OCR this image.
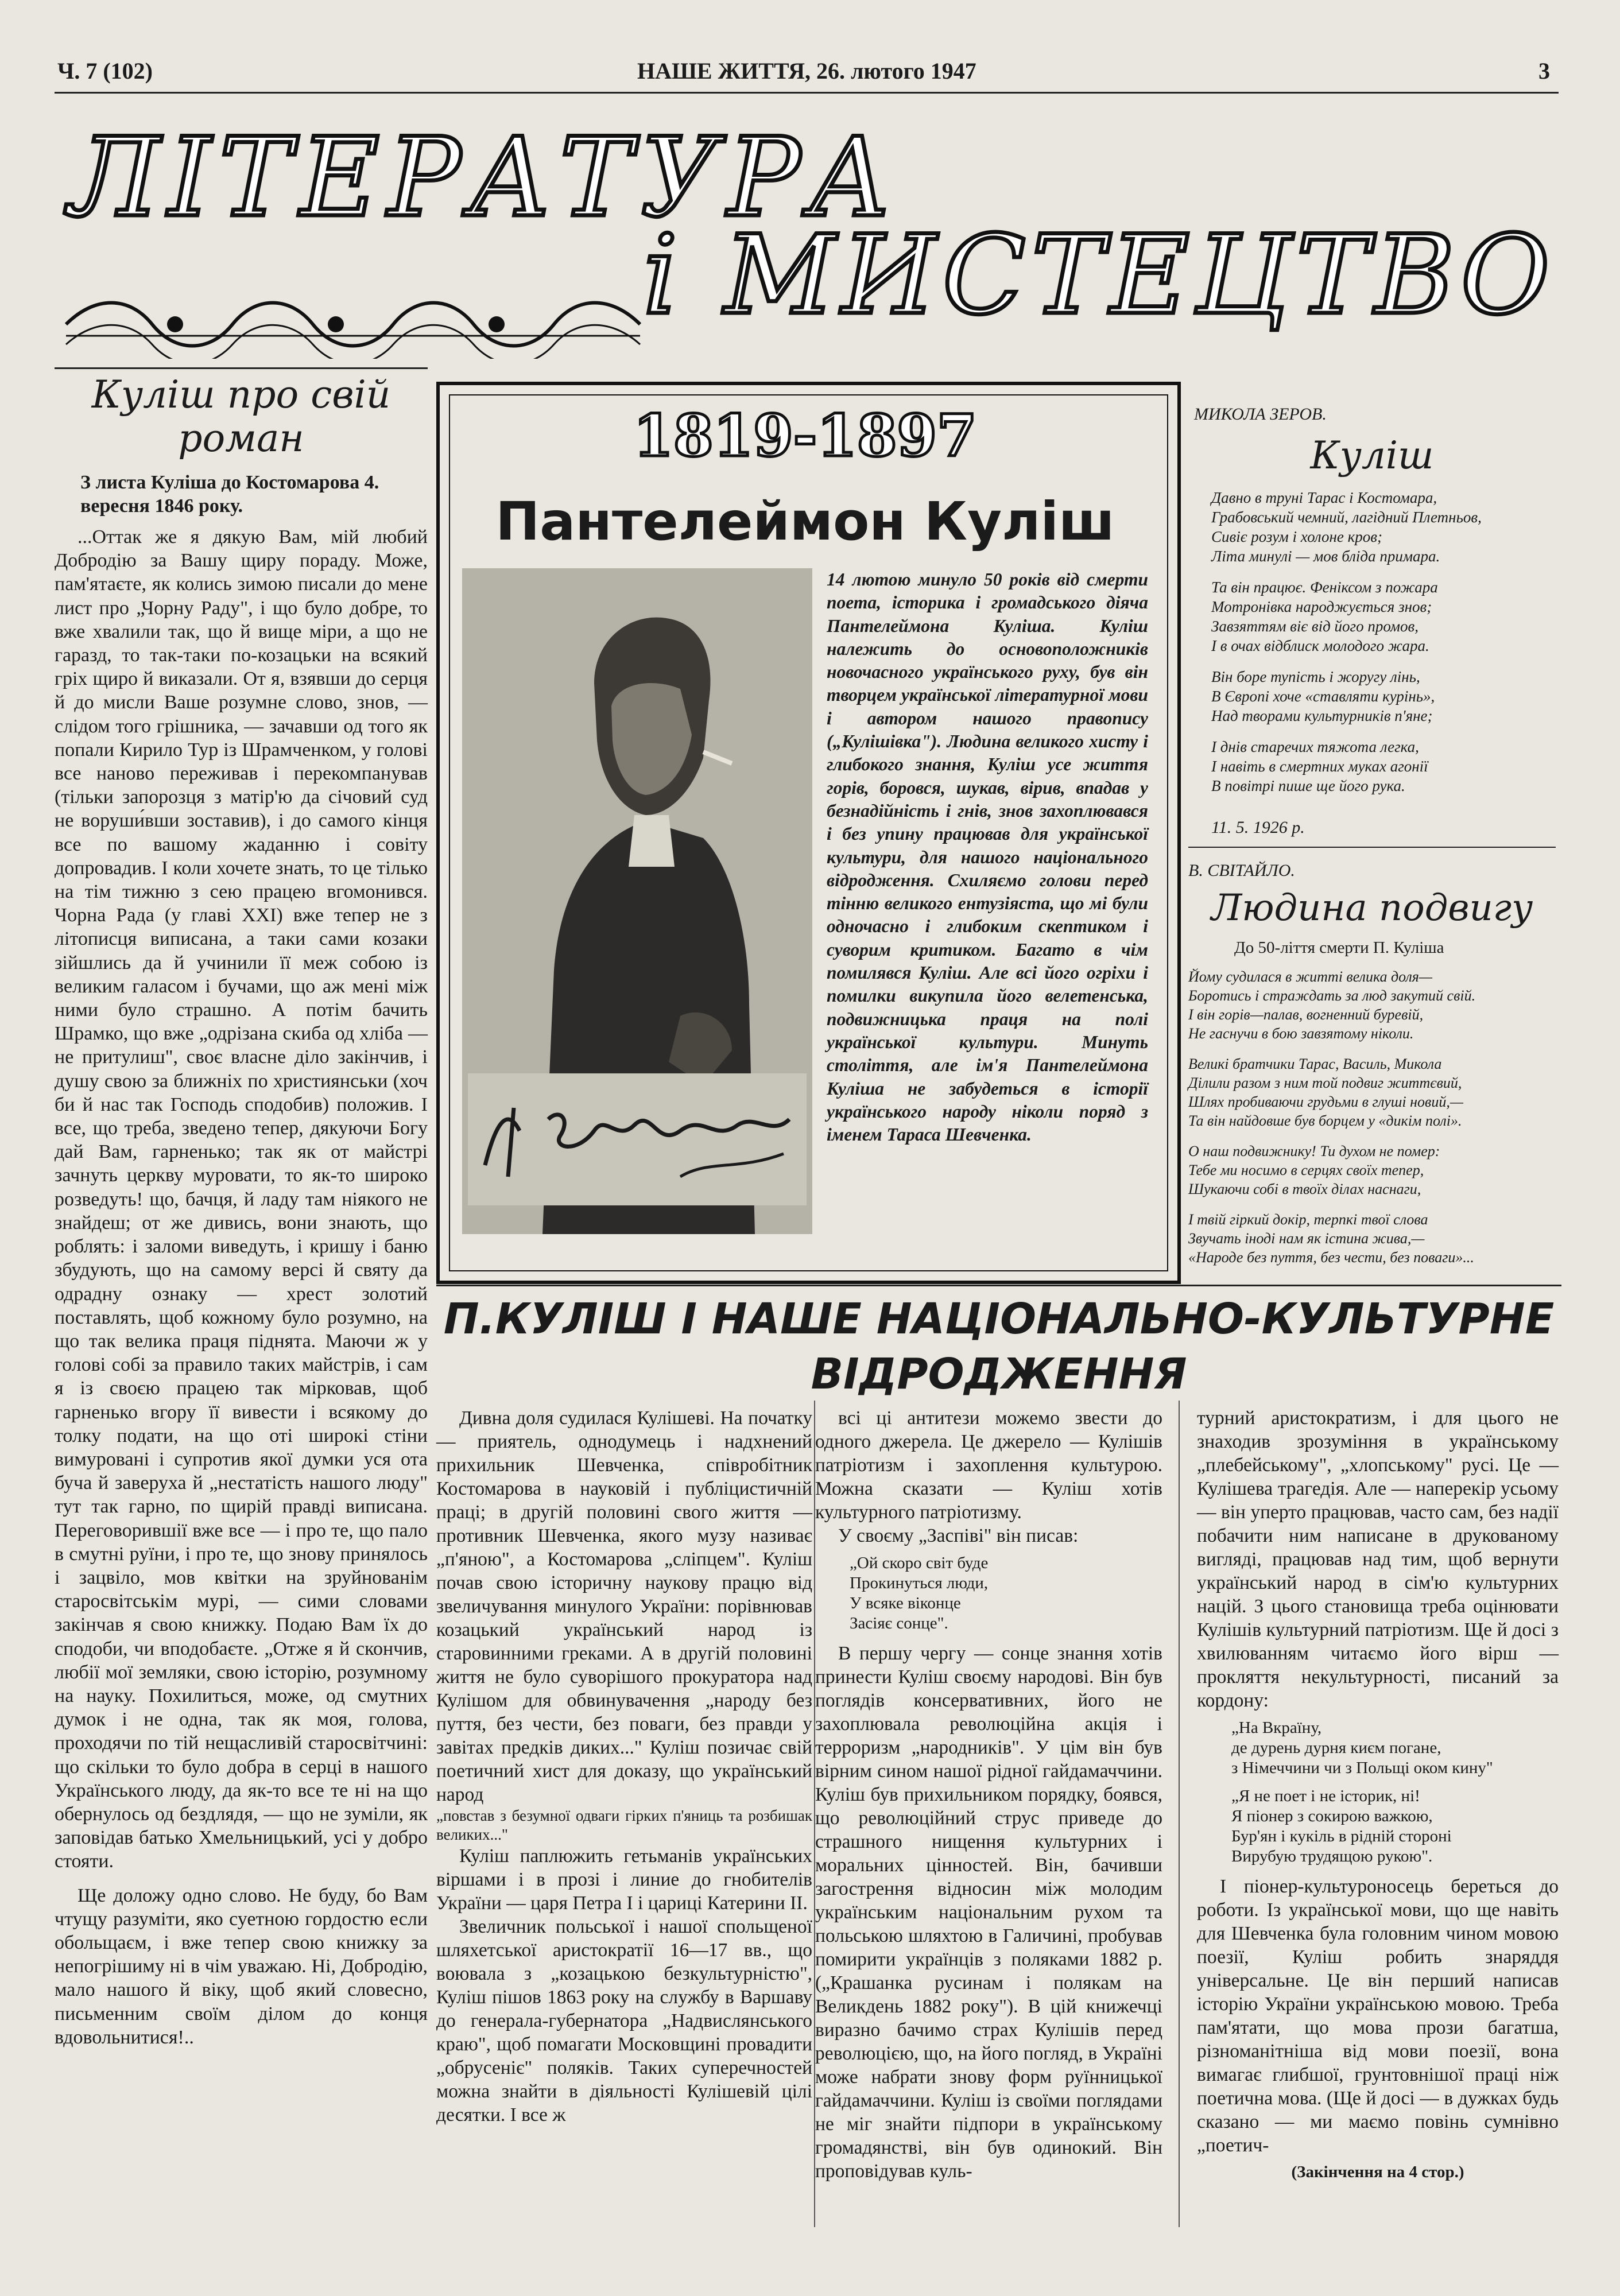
Ч. 7 (102)	НАШЕ ЖИТТЯ, 26. лютого 1947	3
ЛІТЕРАТУРА
і МИСТЕЦТВО
Куліш про свій роман
З листа Куліша до Костомарова 4. вересня 1846 року.

...Оттак же я дякую Вам, мій любий Добродію за Вашу щиру пораду. Може, пам'ятаєте, як колись зимою писали до мене лист про „Чорну Раду", і що було добре, то вже хвалили так, що й вище міри, а що не гаразд, то так-таки по-козацьки на всякий гріх щиро й виказали. От я, взявши до серця й до мисли Ваше розумне слово, знов, — слідом того грішника, — зачавши од того як попали Кирило Тур із Шрамченком, у голові все наново переживав і перекомпанував (тільки запорозця з матір'ю да січовий суд не воруши́вши зоставив), і до самого кінця все по вашому жаданню і совіту допровадив. І коли хочете знать, то це тілько на тім тижню з сею працею вгомонився. Чорна Рада (у главі XXI) вже тепер не з літописця виписана, а таки сами козаки зійшлись да й учинили її меж собою із великим галасом і бучами, що аж мені між ними було страшно. А потім бачить Шрамко, що вже „одрізана скиба од хліба — не притулиш", своє власне діло закінчив, і душу свою за ближніх по християнськи (хоч би й нас так Господь сподобив) положив. І все, що треба, зведено тепер, дякуючи Богу дай Вам, гарненько; так як от майстрі зачнуть церкву муровати, то як-то широко розведуть! що, бачця, й ладу там ніякого не знайдеш; от же дивись, вони знають, що роблять: і заломи виведуть, і кришу і баню збудують, що на самому версі й святу да одрадну ознаку — хрест золотий поставлять, щоб кожному було розумно, на що так велика праця піднята. Маючи ж у голові собі за правило таких майстрів, і сам я із своєю працею так мірковав, щоб гарненько вгору її вивести і всякому до толку подати, на що оті широкі стіни вимуровані і супротив якої думки уся ота буча й заверуха й „нестатість нашого люду" тут так гарно, по щирій правді виписана. Переговорившії вже все — і про те, що пало в смутні руїни, і про те, що знову принялось і зацвіло, мов квітки на зруйнованім старосвітськім мурі, — сими словами закінчав я свою книжку. Подаю Вам їх до сподоби, чи вподобаєте. „Отже я й скончив, любії мої земляки, свою історію, розумному на науку. Похилиться, може, од смутних думок і не одна, так як моя, голова, проходячи по тій нещасливій старосвітчині: що скільки то було добра в серці в нашого Українського люду, да як-то все те ні на що обернулось од бездлядя, — що не зуміли, як заповідав батько Хмельницький, усі у добро стояти.

Ще доложу одно слово. Не буду, бо Вам чтущу разуміти, яко суетною гордостю если обольщаєм, і вже тепер свою книжку за непогрішиму ні в чім уважаю. Ні, Добродію, мало нашого й віку, щоб який словесно, письменним своїм ділом до конця вдовольнитися!..

1819-1897
Пантелеймон Куліш
14 лютою минуло 50 років від смерти поета, історика і громадського діяча Пантелеймона Куліша. Куліш належить до основоположників новочасного українського руху, був він творцем української літературної мови і автором нашого правопису („Кулішівка"). Людина великого хисту і глибокого знання, Куліш усе життя горів, боровся, шукав, вірив, впадав у безнадійність і гнів, знов захоплювався і без упину працював для української культури, для нашого національного відродження. Схиляємо голови перед тінню великого ентузіяста, що мі були одночасно і глибоким скептиком і суворим критиком. Багато в чім помилявся Куліш. Але всі його огріхи і помилки викупила його велетенська, подвижницька праця на полі української культури. Минуть століття, але ім'я Пантелеймона Куліша не забудеться в історії українського народу ніколи поряд з іменем Тараса Шевченка.
МИКОЛА ЗЕРОВ.
Куліш
Давно в труні Тарас і Костомара,
Грабовський чемний, лагідний Плетньов,
Сивіє розум і холоне кров;
Літа минулі — мов бліда примара.
Та він працює. Феніксом з пожара
Мотронівка народжується знов;
Завзяттям віє від його промов,
І в очах відблиск молодого жара.
Він боре тупість і жоругу лінь,
В Європі хоче «ставляти курінь»,
Над творами культурників п'яне;
І днів старечих тяжота легка,
І навіть в смертних муках агонії
В повітрі пише ще його рука.
11. 5. 1926 р.
В. СВІТАЙЛО.
Людина подвигу
До 50-ліття смерти П. Куліша
Йому судилася в житті велика доля—
Боротись і страждать за люд закутий свій.
І він горів—палав, вогненний буревій,
Не гаснучи в бою завзятому ніколи.
Великі братчики Тарас, Василь, Микола
Ділили разом з ним той подвиг життєвий,
Шлях пробиваючи грудьми в глуші новий,—
Та він найдовше був борцем у «дикім полі».
О наш подвижнику! Ти духом не помер:
Тебе ми носимо в серцях своїх тепер,
Шукаючи собі в твоїх ділах наснаги,
І твій гіркий докір, терпкі твої слова
Звучать іноді нам як істина жива,—
«Народе без пуття, без чести, без поваги»...
П.КУЛІШ І НАШЕ НАЦІОНАЛЬНО-КУЛЬТУРНЕ ВІДРОДЖЕННЯ

Дивна доля судилася Кулішеві. На початку — приятель, однодумець і надхнений прихильник Шевченка, співробітник Костомарова в науковій і публіцистичній праці; в другій половині свого життя — противник Шевченка, якого музу називає „п'яною", а Костомарова „сліпцем". Куліш почав свою історичну наукову працю від звеличування минулого України: порівнював козацький український народ із старовинними греками. А в другій половині життя не було суворішого прокуратора над Кулішом для обвинувачення „народу без пуття, без чести, без поваги, без правди у завітах предків диких..." Куліш позичає свій поетичний хист для доказу, що український народ

„повстав з безумної одваги гірких п'яниць та розбишак великих..."

Куліш паплюжить гетьманів українських віршами і в прозі і линие до гнобителів України — царя Петра І і цариці Катерини II.

Звеличник польської і нашої спольщеної шляхетської аристократії 16—17 вв., що воювала з „козацькою безкультурністю", Куліш пішов 1863 року на службу в Варшаву до генерала-губернатора „Надвислянського краю", щоб помагати Московщині провадити „обрусеніє" поляків. Таких суперечностей можна знайти в діяльності Кулішевій цілі десятки. І все ж

всі ці антитези можемо звести до одного джерела. Це джерело — Кулішів патріотизм і захоплення культурою. Можна сказати — Куліш хотів культурного патріотизму.

У своєму „Заспіві" він писав:

„Ой скоро світ буде
Прокинуться люди,
У всяке віконце
Засіяє сонце".

В першу чергу — сонце знання хотів принести Куліш своєму народові. Він був поглядів консервативних, його не захоплювала революційна акція і терроризм „народників". У цім він був вірним сином нашої рідної гайдамаччини. Куліш був прихильником порядку, боявся, що революційний струс приведе до страшного нищення культурних і моральних цінностей. Він, бачивши загострення відносин між молодим українським національним рухом та польською шляхтою в Галичині, пробував помирити українців з поляками 1882 р. („Крашанка русинам і полякам на Великдень 1882 року"). В цій книжечці виразно бачимо страх Кулішів перед революцією, що, на його погляд, в Україні може набрати знову форм руїнницької гайдамаччини. Куліш із своїми поглядами не міг знайти підпори в українському громадянстві, він був одинокий. Він проповідував куль-

турний аристократизм, і для цього не знаходив зрозуміння в українському „плебейському", „хлопському" русі. Це — Кулішева трагедія. Але — наперекір усьому — він уперто працював, часто сам, без надії побачити ним написане в друкованому вигляді, працював над тим, щоб вернути український народ в сім'ю культурних націй. З цього становища треба оцінювати Кулішів культурний патріотизм. Ще й досі з хвилюванням читаємо його вірш — прокляття некультурності, писаний за кордону:

„На Вкраїну,
де дурень дурня києм погане,
з Німеччини чи з Польщі оком кину"
„Я не поет і не історик, ні!
Я піонер з сокирою важкою,
Бур'ян і кукіль в рідній стороні
Вирубую трудящою рукою".

І піонер-культуроносець береться до роботи. Із української мови, що ще навіть для Шевченка була головним чином мовою поезії, Куліш робить знаряддя універсальне. Це він перший написав історію України українською мовою. Треба пам'ятати, що мова прози багатша, різноманітніша від мови поезії, вона вимагає глибшої, грунтовнішої праці ніж поетична мова. (Ще й досі — в дужках будь сказано — ми маємо повінь сумнівно „поетич-

(Закінчення на 4 стор.)
